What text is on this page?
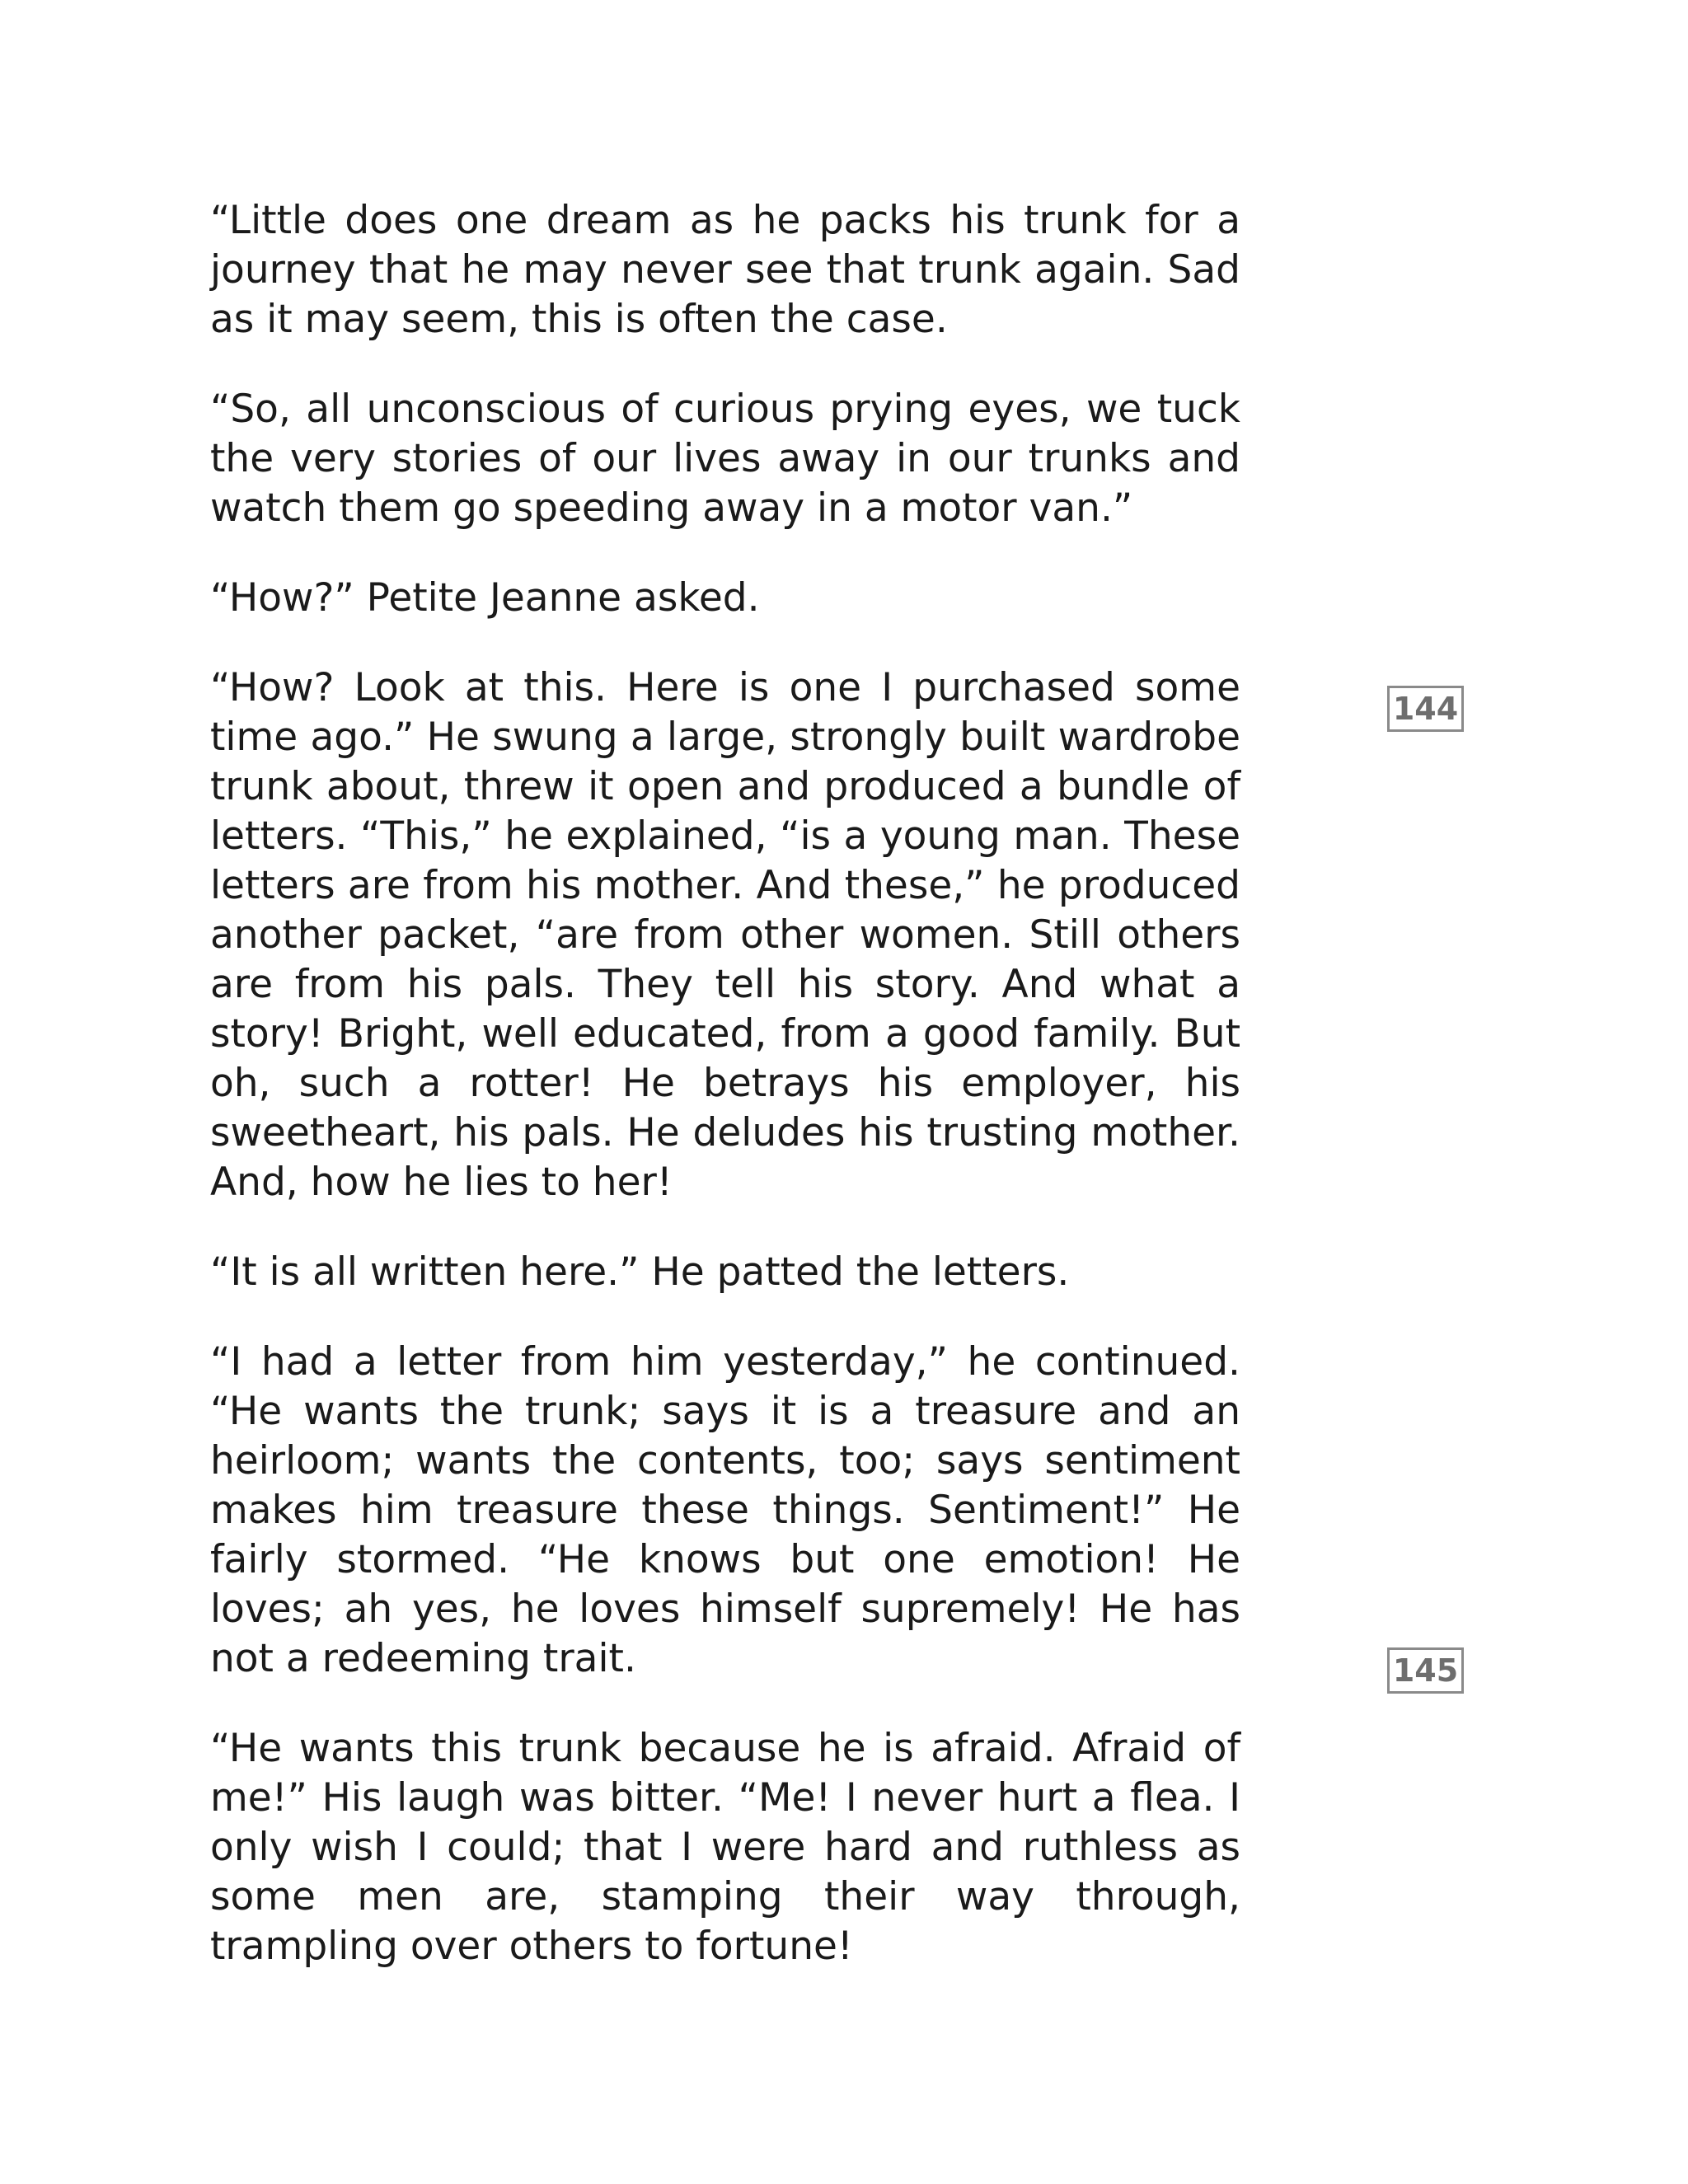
“Little does one dream as he packs his trunk for a journey that he may never see that trunk again. Sad as it may seem, this is often the case.

“So, all unconscious of curious prying eyes, we tuck the very stories of our lives away in our trunks and watch them go speeding away in a motor van.”

“How?” Petite Jeanne asked.

“How? Look at this. Here is one I purchased some time ago.” He swung a large, strongly built wardrobe trunk about, threw it open and produced a bundle of letters. “This,” he explained, “is a young man. These letters are from his mother. And these,” he produced another packet, “are from other women. Still others are from his pals. They tell his story. And what a story! Bright, well educated, from a good family. But oh, such a rotter! He betrays his employer, his sweetheart, his pals. He deludes his trusting mother. And, how he lies to her!

“It is all written here.” He patted the letters.

“I had a letter from him yesterday,” he continued. “He wants the trunk; says it is a treasure and an heirloom; wants the contents, too; says sentiment makes him treasure these things. Sentiment!” He fairly stormed. “He knows but one emotion! He loves; ah yes, he loves himself supremely! He has not a redeeming trait.

“He wants this trunk because he is afraid. Afraid of me!” His laugh was bitter. “Me! I never hurt a flea. I only wish I could; that I were hard and ruthless as some men are, stamping their way through, trampling over others to fortune!

144
145
